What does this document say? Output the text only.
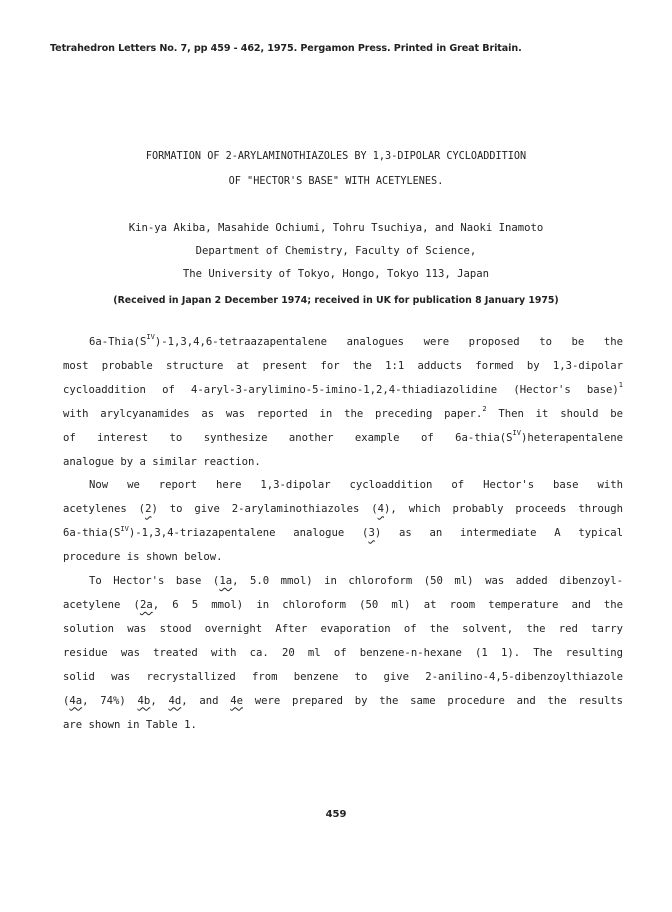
Tetrahedron Letters No. 7, pp 459 - 462, 1975. Pergamon Press. Printed in Great Britain.
FORMATION OF 2-ARYLAMINOTHIAZOLES BY 1,3-DIPOLAR CYCLOADDITION
OF "HECTOR'S BASE" WITH ACETYLENES.
Kin-ya Akiba, Masahide Ochiumi, Tohru Tsuchiya, and Naoki Inamoto
Department of Chemistry, Faculty of Science,
The University of Tokyo, Hongo, Tokyo 113, Japan
(Received in Japan 2 December 1974; received in UK for publication 8 January 1975)
$6a-Thia(S^{IV})-1,3,4,6$-tetraazapentalene analogues were proposed to be the
most probable structure at present for the 1:1 adducts formed by 1,3-dipolar
cycloaddition of 4-aryl-3-arylimino-5-imino-1,2,4-thiadiazolidine (Hector's base)$^1$
with arylcyanamides as was reported in the preceding paper.$^2$ Then it should be
of interest to synthesize another example of $6a-thia(S^{IV})heterapentalene$
analogue by a similar reaction.
Now we report here 1,3-dipolar cycloaddition of Hector's base with
acetylenes (2) to give 2-arylaminothiazoles (4), which probably proceeds through
$6a-thia(S^{IV})-1,3,4$-triazapentalene analogue (3) as an intermediate A typical
procedure is shown below.
To Hector's base (1a, 5.0 mmol) in chloroform (50 ml) was added dibenzoyl-
acetylene (2a, 6 5 mmol) in chloroform (50 ml) at room temperature and the
solution was stood overnight After evaporation of the solvent, the red tarry
residue was treated with ca. 20 ml of benzene-n-hexane (1 1). The resulting
solid was recrystallized from benzene to give 2-anilino-4,5-dibenzoylthiazole
(4a, 74%) 4b, 4d, and 4e were prepared by the same procedure and the results
are shown in Table 1.
459
